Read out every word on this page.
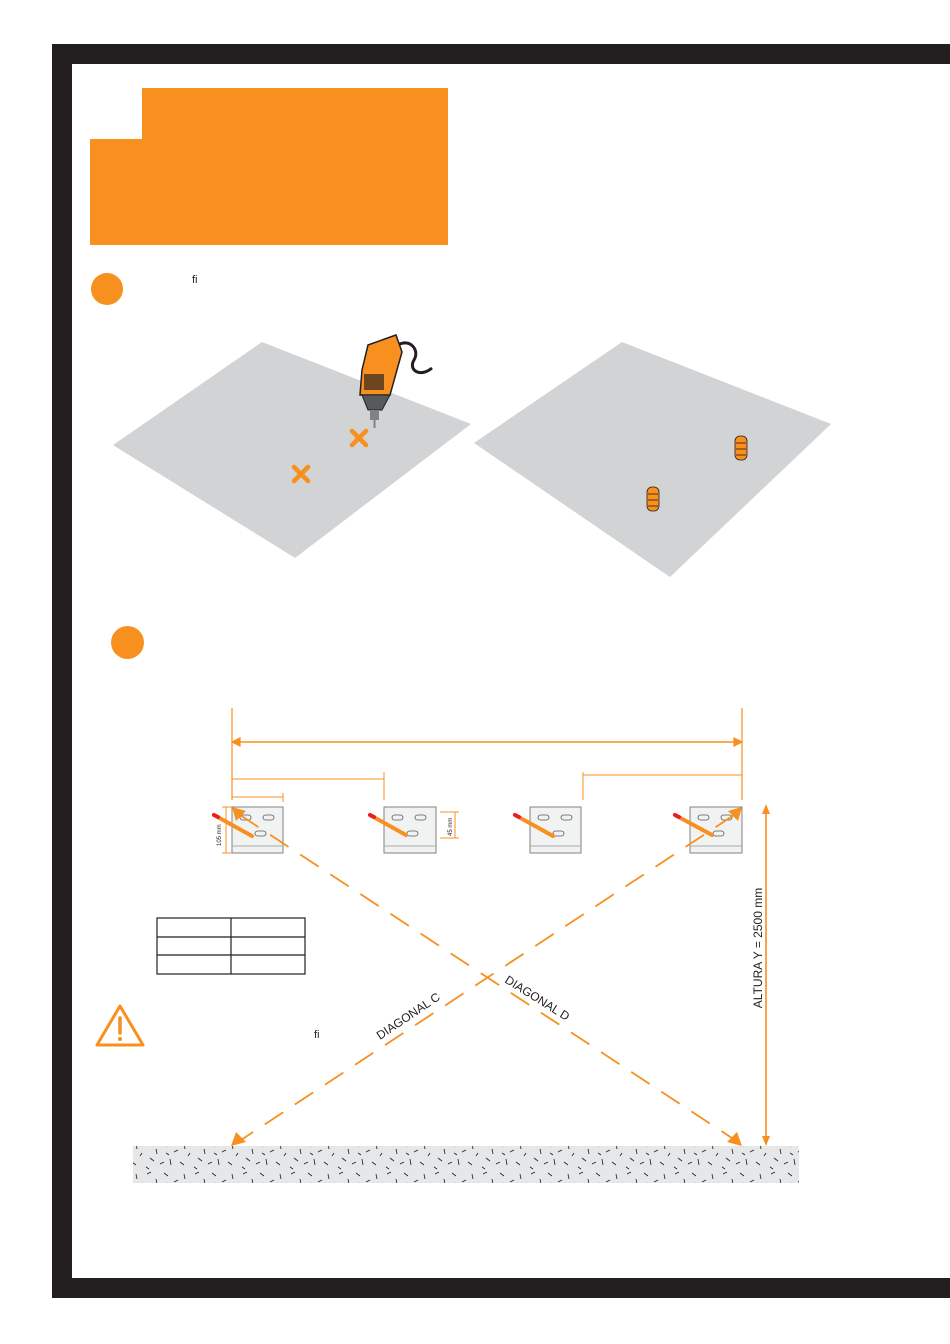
ﬁ
105 mm	45 mm
DIAGONAL C	DIAGONAL D	ALTURA Y = 2500 mm
ﬁ
